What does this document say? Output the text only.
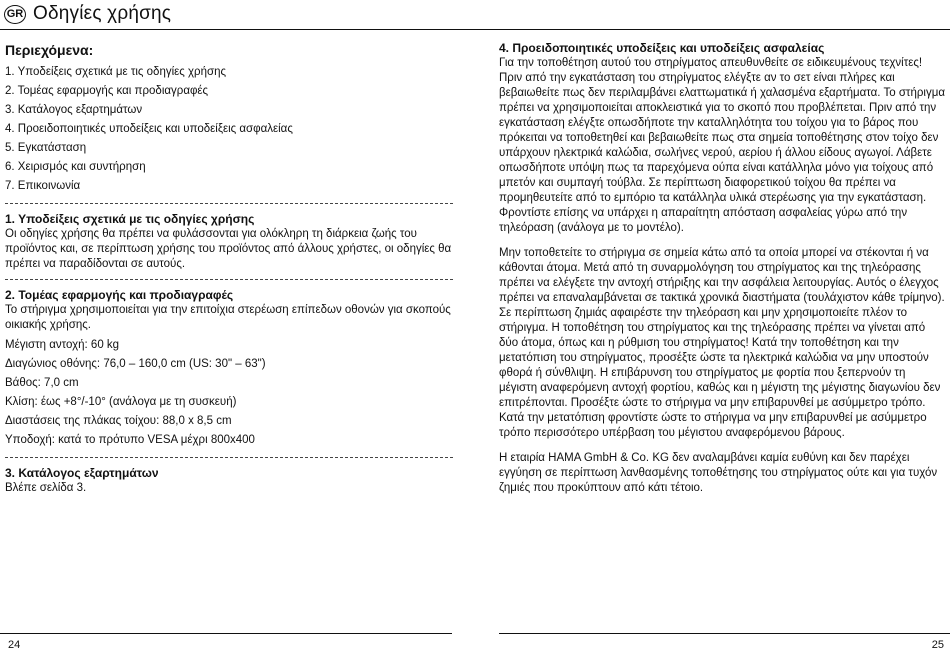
GR Οδηγίες χρήσης
Περιεχόμενα:
1. Υποδείξεις σχετικά με τις οδηγίες χρήσης
2. Τομέας εφαρμογής και προδιαγραφές
3. Κατάλογος εξαρτημάτων
4. Προειδοποιητικές υποδείξεις και υποδείξεις ασφαλείας
5. Εγκατάσταση
6. Χειρισμός και συντήρηση
7. Επικοινωνία
1. Υποδείξεις σχετικά με τις οδηγίες χρήσης

Οι οδηγίες χρήσης θα πρέπει να φυλάσσονται για ολόκληρη τη διάρκεια ζωής του προϊόντος και, σε περίπτωση χρήσης του προϊόντος από άλλους χρήστες, οι οδηγίες θα πρέπει να παραδίδονται σε αυτούς.

2. Τομέας εφαρμογής και προδιαγραφές

Το στήριγμα χρησιμοποιείται για την επιτοίχια στερέωση επίπεδων οθονών για σκοπούς οικιακής χρήσης.

Μέγιστη αντοχή: 60 kg
Διαγώνιος οθόνης: 76,0 – 160,0 cm (US: 30" – 63")
Βάθος: 7,0 cm
Κλίση: έως +8°/-10° (ανάλογα με τη συσκευή)
Διαστάσεις της πλάκας τοίχου: 88,0 x 8,5 cm
Υποδοχή: κατά το πρότυπο VESA μέχρι 800x400
3. Κατάλογος εξαρτημάτων

Βλέπε σελίδα 3.

4. Προειδοποιητικές υποδείξεις και υποδείξεις ασφαλείας

Για την τοποθέτηση αυτού του στηρίγματος απευθυνθείτε σε ειδικευμένους τεχνίτες! Πριν από την εγκατάσταση του στηρίγματος ελέγξτε αν το σετ είναι πλήρες και βεβαιωθείτε πως δεν περιλαμβάνει ελαττωματικά ή χαλασμένα εξαρτήματα. Το στήριγμα πρέπει να χρησιμοποιείται αποκλειστικά για το σκοπό που προβλέπεται. Πριν από την εγκατάσταση ελέγξτε οπωσδήποτε την καταλληλότητα του τοίχου για το βάρος που πρόκειται να τοποθετηθεί και βεβαιωθείτε πως στα σημεία τοποθέτησης στον τοίχο δεν υπάρχουν ηλεκτρικά καλώδια, σωλήνες νερού, αερίου ή άλλου είδους αγωγοί. Λάβετε οπωσδήποτε υπόψη πως τα παρεχόμενα ούπα είναι κατάλληλα μόνο για τοίχους από μπετόν και συμπαγή τούβλα. Σε περίπτωση διαφορετικού τοίχου θα πρέπει να προμηθευτείτε από το εμπόριο τα κατάλληλα υλικά στερέωσης για την εγκατάσταση. Φροντίστε επίσης να υπάρχει η απαραίτητη απόσταση ασφαλείας γύρω από την τηλεόραση (ανάλογα με το μοντέλο).

Μην τοποθετείτε το στήριγμα σε σημεία κάτω από τα οποία μπορεί να στέκονται ή να κάθονται άτομα. Μετά από τη συναρμολόγηση του στηρίγματος και της τηλεόρασης πρέπει να ελέγξετε την αντοχή στήριξης και την ασφάλεια λειτουργίας. Αυτός ο έλεγχος πρέπει να επαναλαμβάνεται σε τακτικά χρονικά διαστήματα (τουλάχιστον κάθε τρίμηνο). Σε περίπτωση ζημιάς αφαιρέστε την τηλεόραση και μην χρησιμοποιείτε πλέον το στήριγμα. Η τοποθέτηση του στηρίγματος και της τηλεόρασης πρέπει να γίνεται από δύο άτομα, όπως και η ρύθμιση του στηρίγματος! Κατά την τοποθέτηση και την μετατόπιση του στηρίγματος, προσέξτε ώστε τα ηλεκτρικά καλώδια να μην υποστούν φθορά ή σύνθλιψη. Η επιβάρυνση του στηρίγματος με φορτία που ξεπερνούν τη μέγιστη αναφερόμενη αντοχή φορτίου, καθώς και η μέγιστη της μέγιστης διαγωνίου δεν επιτρέπονται. Προσέξτε ώστε το στήριγμα να μην επιβαρυνθεί με ασύμμετρο τρόπο. Κατά την μετατόπιση φροντίστε ώστε το στήριγμα να μην επιβαρυνθεί με ασύμμετρο τρόπο περισσότερο υπέρβαση του μέγιστου αναφερόμενου βάρους.

Η εταιρία HAMA GmbH & Co. KG δεν αναλαμβάνει καμία ευθύνη και δεν παρέχει εγγύηση σε περίπτωση λανθασμένης τοποθέτησης του στηρίγματος ούτε και για τυχόν ζημιές που προκύπτουν από κάτι τέτοιο.

24	25
